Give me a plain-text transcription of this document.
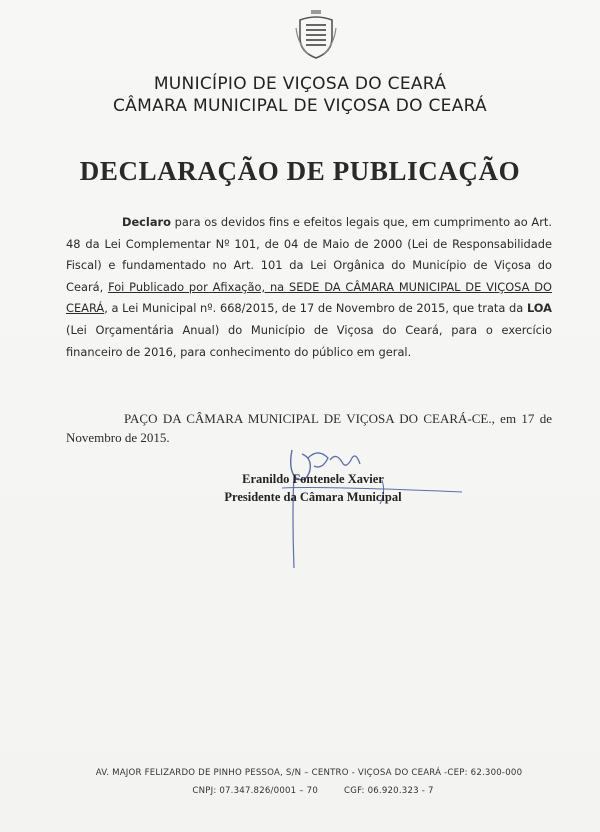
MUNICÍPIO DE VIÇOSA DO CEARÁ
CÂMARA MUNICIPAL DE VIÇOSA DO CEARÁ
DECLARAÇÃO DE PUBLICAÇÃO
Declaro para os devidos fins e efeitos legais que, em cumprimento ao Art. 48 da Lei Complementar Nº 101, de 04 de Maio de 2000 (Lei de Responsabilidade Fiscal) e fundamentado no Art. 101 da Lei Orgânica do Município de Viçosa do Ceará, Foi Publicado por Afixação, na SEDE DA CÂMARA MUNICIPAL DE VIÇOSA DO CEARÁ, a Lei Municipal nº. 668/2015, de 17 de Novembro de 2015, que trata da LOA (Lei Orçamentária Anual) do Município de Viçosa do Ceará, para o exercício financeiro de 2016, para conhecimento do público em geral.
PAÇO DA CÂMARA MUNICIPAL DE VIÇOSA DO CEARÁ-CE., em 17 de Novembro de 2015.
Eranildo Fontenele Xavier
Presidente da Câmara Municipal
AV. MAJOR FELIZARDO DE PINHO PESSOA, S/N – CENTRO - VIÇOSA DO CEARÁ -CEP: 62.300-000
CNPJ: 07.347.826/0001 – 70	CGF: 06.920.323 - 7
